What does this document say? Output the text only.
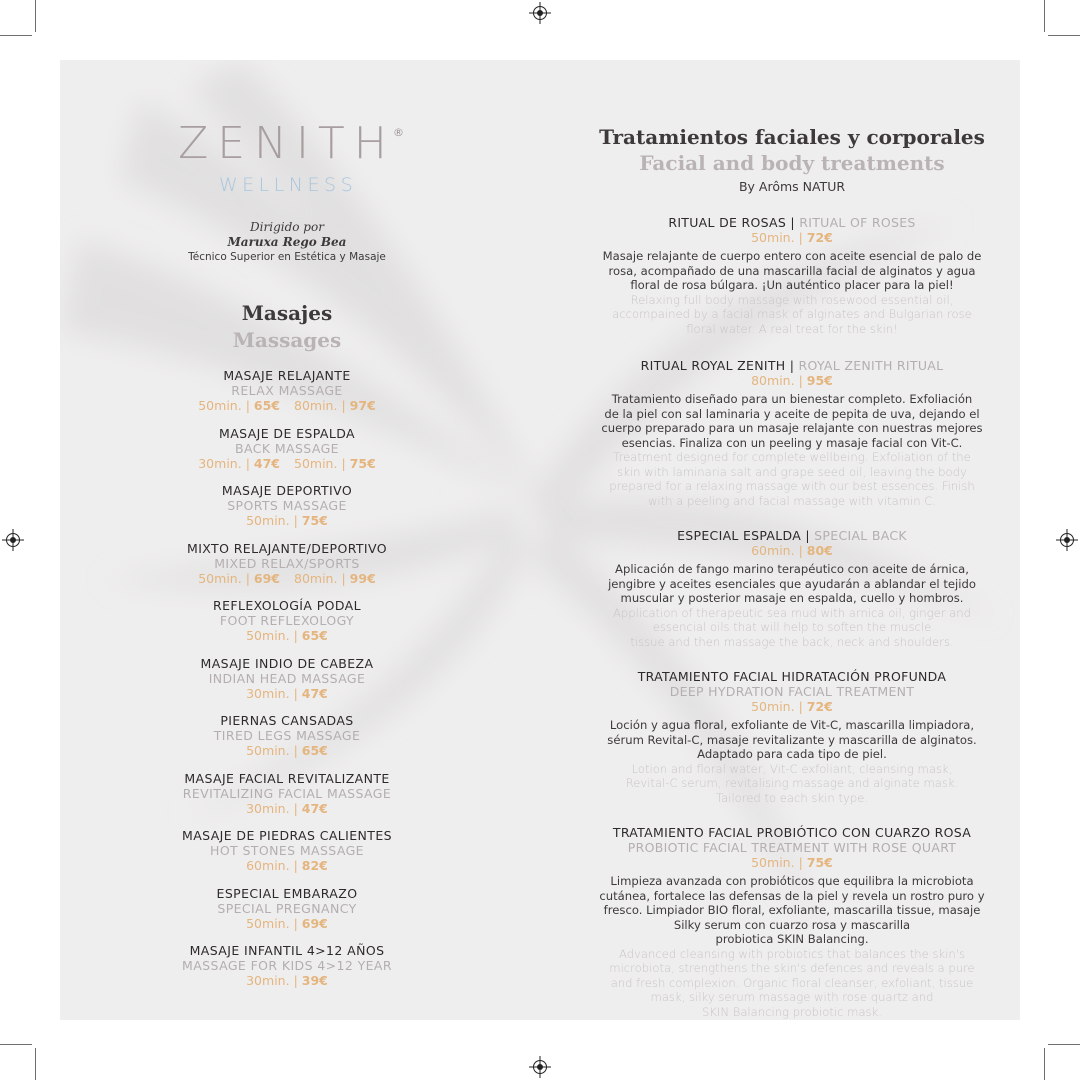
ZENITH
®
WELLNESS
Dirigido por
Maruxa Rego Bea
Técnico Superior en Estética y Masaje
Masajes
Massages
MASAJE RELAJANTE
RELAX MASSAGE
50min. | 65€ 80min. | 97€
MASAJE DE ESPALDA
BACK MASSAGE
30min. | 47€ 50min. | 75€
MASAJE DEPORTIVO
SPORTS MASSAGE
50min. | 75€
MIXTO RELAJANTE/DEPORTIVO
MIXED RELAX/SPORTS
50min. | 69€ 80min. | 99€
REFLEXOLOGÍA PODAL
FOOT REFLEXOLOGY
50min. | 65€
MASAJE INDIO DE CABEZA
INDIAN HEAD MASSAGE
30min. | 47€
PIERNAS CANSADAS
TIRED LEGS MASSAGE
50min. | 65€
MASAJE FACIAL REVITALIZANTE
REVITALIZING FACIAL MASSAGE
30min. | 47€
MASAJE DE PIEDRAS CALIENTES
HOT STONES MASSAGE
60min. | 82€
ESPECIAL EMBARAZO
SPECIAL PREGNANCY
50min. | 69€
MASAJE INFANTIL 4>12 AÑOS
MASSAGE FOR KIDS 4>12 YEAR
30min. | 39€
Tratamientos faciales y corporales
Facial and body treatments
By Arôms NATUR
RITUAL DE ROSAS | RITUAL OF ROSES
50min. | 72€
Masaje relajante de cuerpo entero con aceite esencial de palo de
rosa, acompañado de una mascarilla facial de alginatos y agua
floral de rosa búlgara. ¡Un auténtico placer para la piel!
Relaxing full body massage with rosewood essential oil,
accompained by a facial mask of alginates and Bulgarian rose
floral water. A real treat for the skin!
RITUAL ROYAL ZENITH | ROYAL ZENITH RITUAL
80min. | 95€
Tratamiento diseñado para un bienestar completo. Exfoliación
de la piel con sal laminaria y aceite de pepita de uva, dejando el
cuerpo preparado para un masaje relajante con nuestras mejores
esencias. Finaliza con un peeling y masaje facial con Vit-C.
Treatment designed for complete wellbeing. Exfoliation of the
skin with laminaria salt and grape seed oil, leaving the body
prepared for a relaxing massage with our best essences. Finish
with a peeling and facial massage with vitamin C.
ESPECIAL ESPALDA | SPECIAL BACK
60min. | 80€
Aplicación de fango marino terapéutico con aceite de árnica,
jengibre y aceites esenciales que ayudarán a ablandar el tejido
muscular y posterior masaje en espalda, cuello y hombros.
Application of therapeutic sea mud with arnica oil, ginger and
essencial oils that will help to soften the muscle
tissue and then massage the back, neck and shoulders.
TRATAMIENTO FACIAL HIDRATACIÓN PROFUNDA
DEEP HYDRATION FACIAL TREATMENT
50min. | 72€
Loción y agua floral, exfoliante de Vit-C, mascarilla limpiadora,
sérum Revital-C, masaje revitalizante y mascarilla de alginatos.
Adaptado para cada tipo de piel.
Lotion and floral water, Vit-C exfoliant, cleansing mask,
Revital-C serum, revitalising massage and alginate mask.
Tailored to each skin type.
TRATAMIENTO FACIAL PROBIÓTICO CON CUARZO ROSA
PROBIOTIC FACIAL TREATMENT WITH ROSE QUART
50min. | 75€
Limpieza avanzada con probióticos que equilibra la microbiota
cutánea, fortalece las defensas de la piel y revela un rostro puro y
fresco. Limpiador BIO floral, exfoliante, mascarilla tissue, masaje
Silky serum con cuarzo rosa y mascarilla
probiotica SKIN Balancing.
Advanced cleansing with probiotics that balances the skin's
microbiota, strengthens the skin's defences and reveals a pure
and fresh complexion. Organic floral cleanser, exfoliant, tissue
mask, silky serum massage with rose quartz and
SKIN Balancing probiotic mask.
